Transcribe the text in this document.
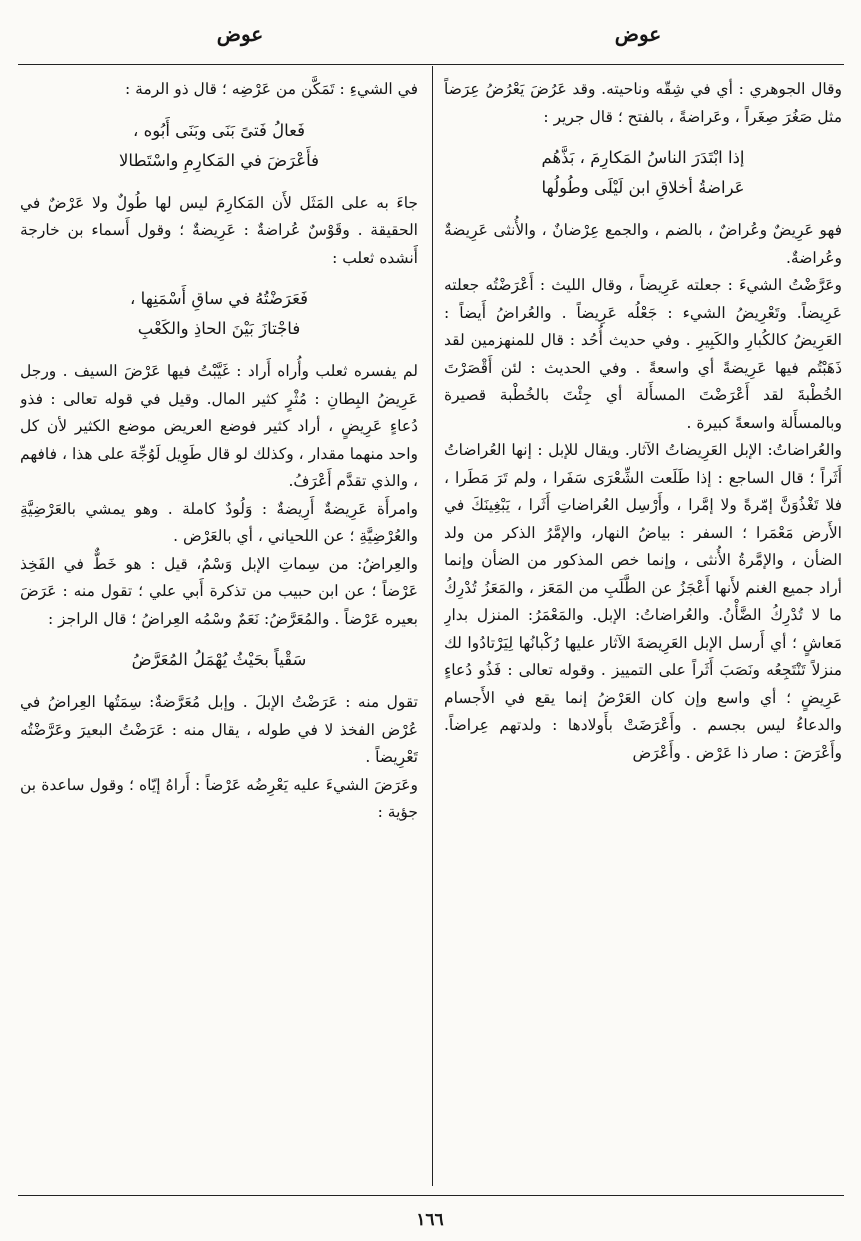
عوض
عوض

وقال الجوهري : أي في شِقّه وناحيته. وقد عَرُضَ يَعْرُضُ عِرَضاً مثل صَغُرَ صِغَراً ، وعَراضةً ، بالفتح ؛ قال جرير :

إذا ابْتَدَرَ الناسُ المَكارِمَ ، بَذَّهُم
عَراضةُ أخلاقِ ابن لَيْلَى وطُولُها

فهو عَرِيضٌ وعُراضٌ ، بالضم ، والجمع عِرْضانٌ ، والأُنثى عَرِيضةٌ وعُراضةٌ.

وعَرَّضْتُ الشيءَ : جعلته عَرِيضاً ، وقال الليث : أَعْرَضْتُه جعلته عَرِيضاً. وتَعْرِيضُ الشيء : جَعْلُه عَرِيضاً . والعُراضُ أَيضاً : العَرِيضُ كالكُبارِ والكَبِيرِ . وفي حديث أُحُد : قال للمنهزمين لقد ذَهَبْتُم فيها عَرِيضةً أي واسعةً . وفي الحديث : لئن أَقْصَرْتَ الخُطْبةَ لقد أَعْرَضْتَ المسأَلة أي جِئْتَ بالخُطْبة قصيرة وبالمسأَلة واسعةً كبيرة .

والعُراضاتُ: الإبل العَرِيضاتُ الآثار. ويقال للإبل : إنها العُراضاتُ أَثَراً ؛ قال الساجع : إذا طَلَعت الشِّعْرَى سَفَرا ، ولم تَرَ مَطَرا ، فلا تَغْذُوَنَّ إمّرةً ولا إمَّرا ، وأَرْسِل العُراضاتِ أَثَرا ، يَبْغِينَكَ في الأَرض مَعْمَرا ؛ السفر : بياضُ النهار، والإمَّرُ الذكر من ولد الضأن ، والإمَّرةُ الأُنثى ، وإنما خص المذكور من الضأن وإنما أراد جميع الغنم لأَنها أَعْجَزُ عن الطَّلَبِ من المَعَز ، والمَعَزُ تُدْرِكُ ما لا تُدْرِكُ الضَّأْنُ. والعُراضاتُ: الإبل. والمَعْمَرُ: المنزل بدارِ مَعاشٍ ؛ أي أَرسل الإبل العَرِيضةَ الآثار عليها رُكْبانُها لِيَرْتادُوا لك منزلاً تَنْتَجِعُه ونَصَبَ أَثَراً على التمييز . وقوله تعالى : فَذُو دُعاءٍ عَرِيضٍ ؛ أي واسع وإن كان العَرْضُ إنما يقع في الأَجسام والدعاءُ ليس بجسم . وأَعْرَضَتْ بأَولادها : ولدتهم عِراضاً. وأَعْرَضَ : صار ذا عَرْض . وأَعْرَض

في الشيءِ : تَمَكَّن من عَرْضِه ؛ قال ذو الرمة :

فَعالُ فَتىً بَنَى وبَنَى أَبُوه ،
فأَعْرَضَ في المَكارِمِ واسْتَطالا

جاءَ به على المَثَل لأَن المَكارِمَ ليس لها طُولٌ ولا عَرْضٌ في الحقيقة . وقَوْسٌ عُراضةٌ : عَرِيضةٌ ؛ وقول أَسماء بن خارجة أَنشده ثعلب :

فَعَرَضْتُهُ في ساقِ أَسْمَنِها ،
فاجْتازَ بَيْنَ الحاذِ والكَعْبِ

لم يفسره ثعلب وأُراه أَراد : غَيَّبْتُ فيها عَرْضَ السيف . ورجل عَرِيضُ البِطانِ : مُثْرٍ كثير المال. وقيل في قوله تعالى : فذو دُعاءٍ عَرِيضٍ ، أراد كثير فوضع العريض موضع الكثير لأن كل واحد منهما مقدار ، وكذلك لو قال طَوِيل لَوُجِّهَ على هذا ، فافهم ، والذي تقدَّم أَعْرَفُ.

وامرأَة عَرِيضةٌ أَرِيضةٌ : وَلُودٌ كاملة . وهو يمشي بالعَرْضِيَّةِ والعُرْضِيَّةِ ؛ عن اللحياني ، أي بالعَرْض .

والعِراضُ: من سِماتِ الإبل وَسْمٌ، قيل : هو خَطٌّ في الفَخِذ عَرْضاً ؛ عن ابن حبيب من تذكرة أَبي علي ؛ تقول منه : عَرَضَ بعيره عَرْضاً . والمُعَرَّضُ: نَعَمٌ وسْمُه العِراضُ ؛ قال الراجز :

سَقْياً بحَيْثُ يُهْمَلُ المُعَرَّضُ

تقول منه : عَرَضْتُ الإبلَ . وإبل مُعَرَّضةٌ: سِمَتُها العِراضُ في عُرْض الفخذ لا في طوله ، يقال منه : عَرَضْتُ البعيرَ وعَرَّضْتُه تَعْرِيضاً .

وعَرَضَ الشيءَ عليه يَعْرِضُه عَرْضاً : أَراهُ إيّاه ؛ وقول ساعدة بن جؤية :

١٦٦
